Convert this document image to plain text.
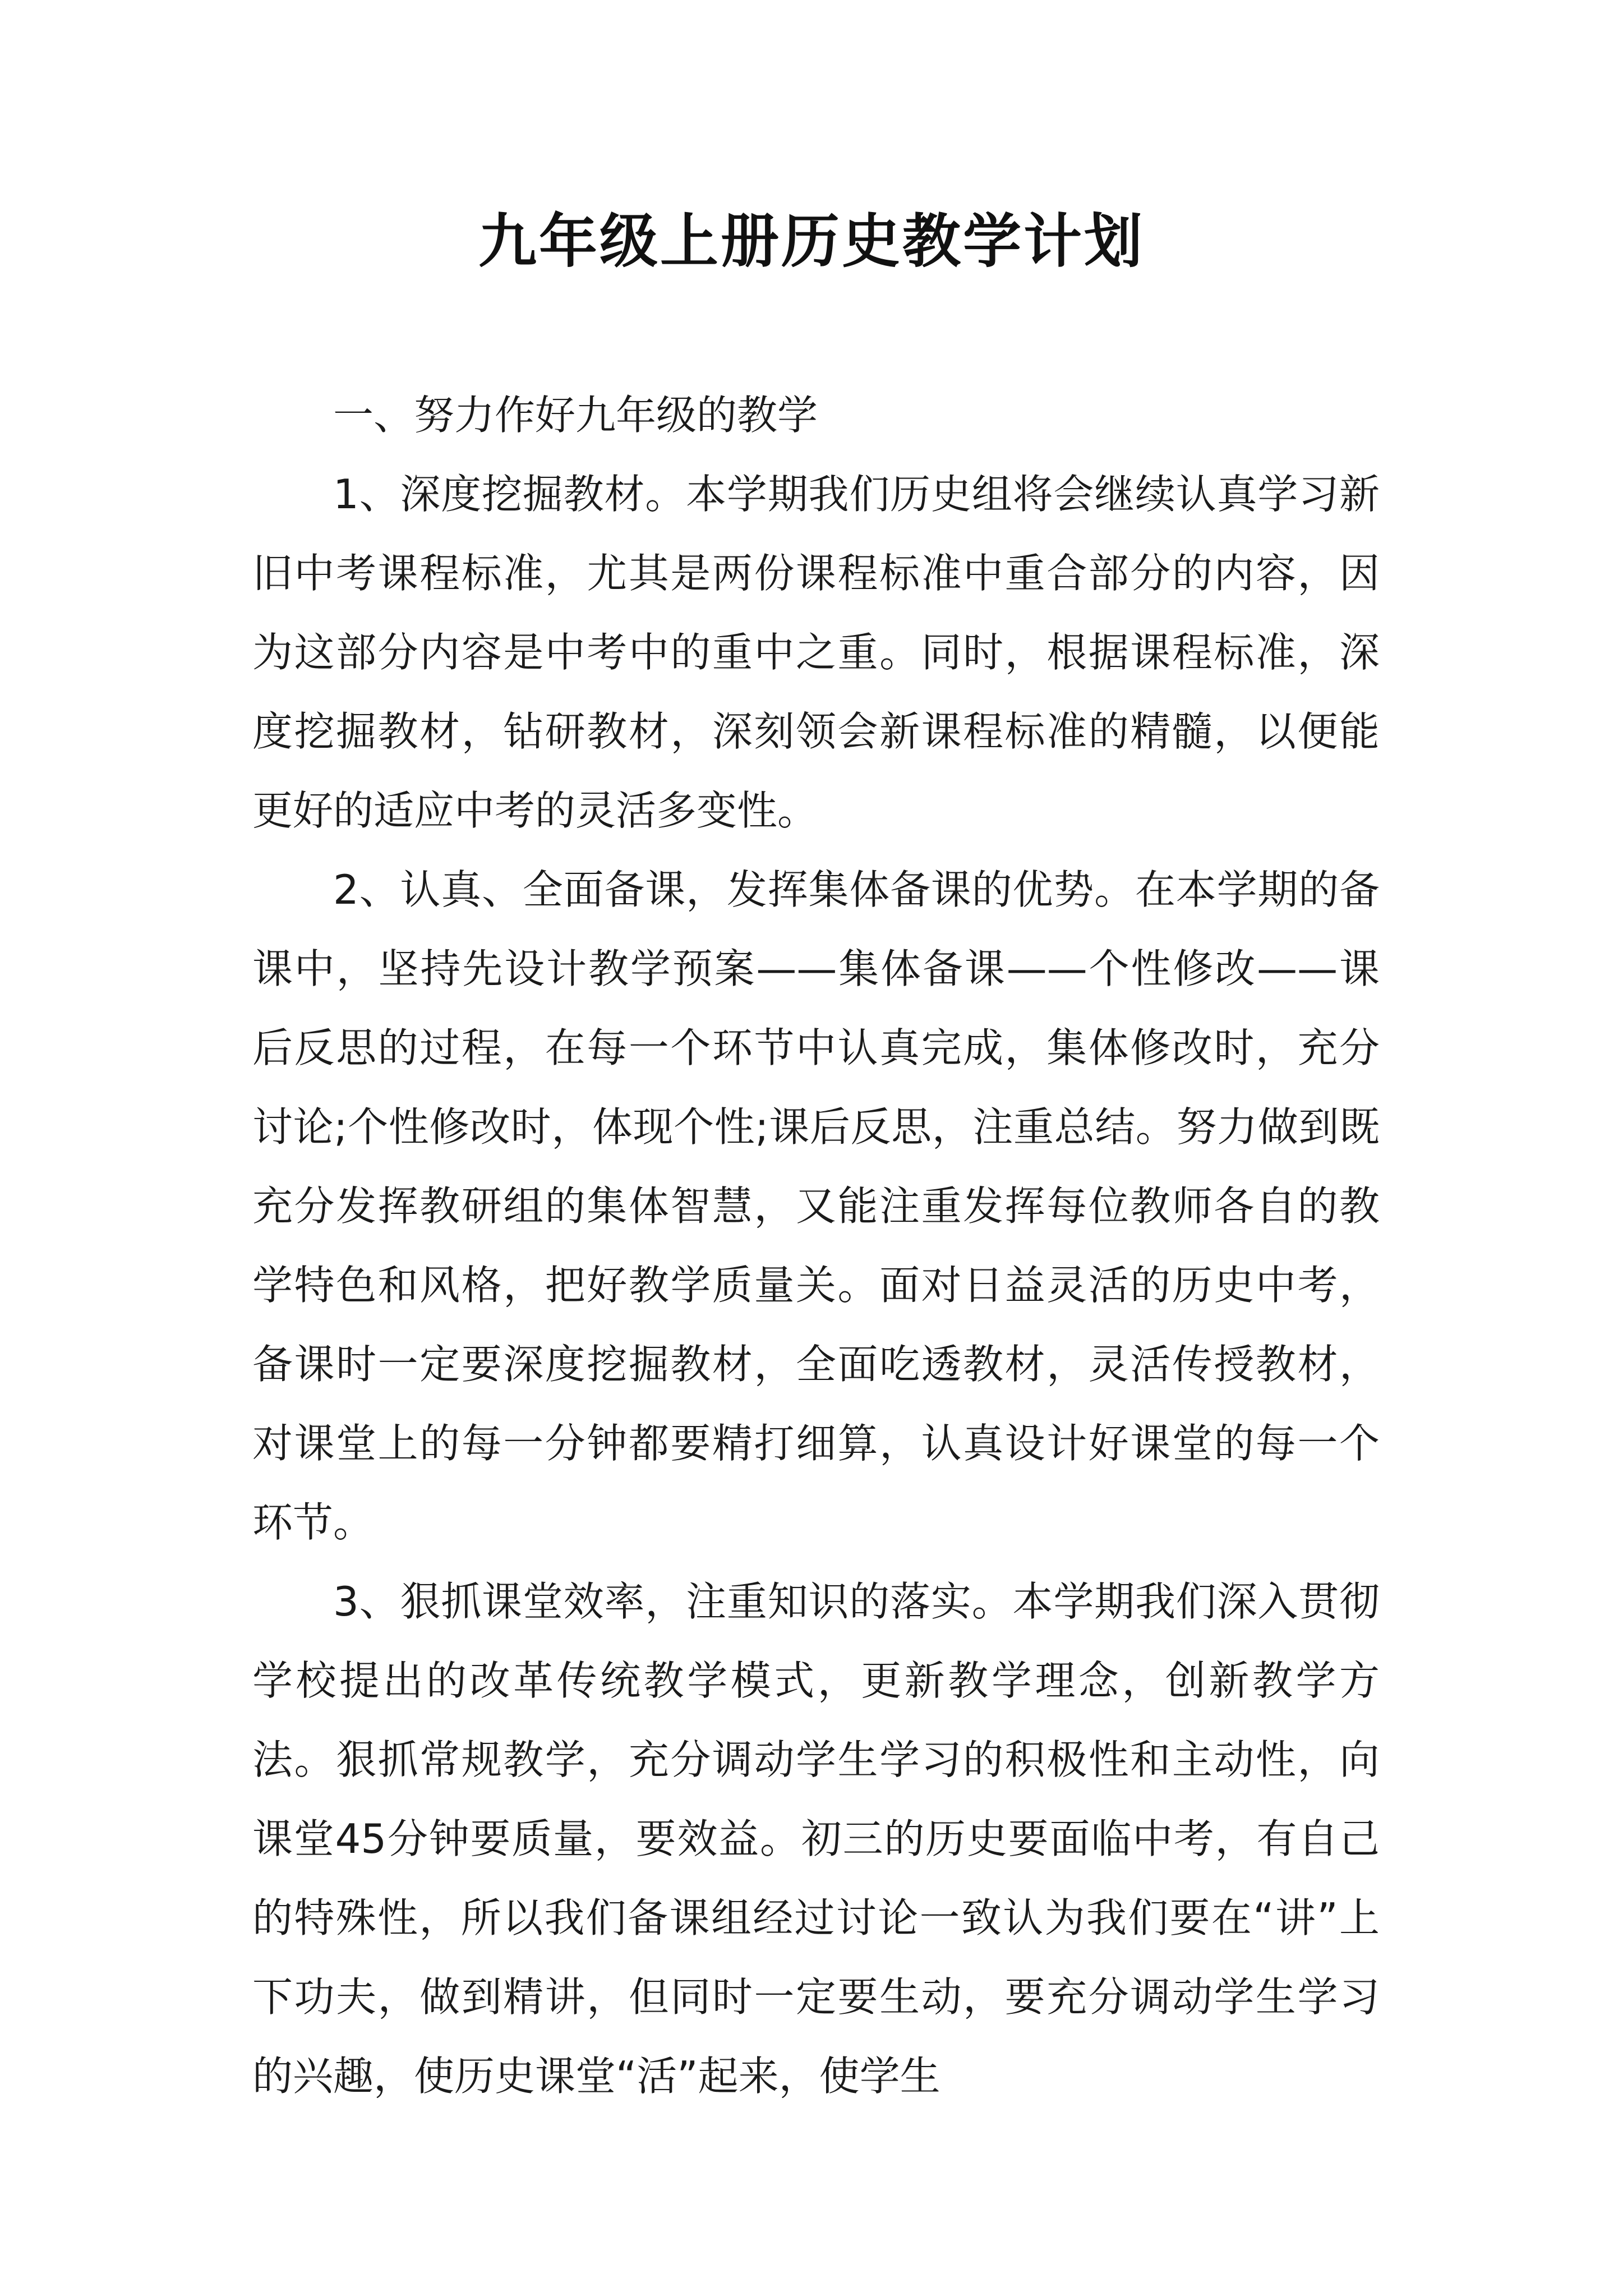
九年级上册历史教学计划

一、努力作好九年级的教学

1、深度挖掘教材。本学期我们历史组将会继续认真学习新旧中考课程标准，尤其是两份课程标准中重合部分的内容，因为这部分内容是中考中的重中之重。同时，根据课程标准，深度挖掘教材，钻研教材，深刻领会新课程标准的精髓，以便能更好的适应中考的灵活多变性。

2、认真、全面备课，发挥集体备课的优势。在本学期的备课中，坚持先设计教学预案——集体备课——个性修改——课后反思的过程，在每一个环节中认真完成，集体修改时，充分讨论;个性修改时，体现个性;课后反思，注重总结。努力做到既充分发挥教研组的集体智慧，又能注重发挥每位教师各自的教学特色和风格，把好教学质量关。面对日益灵活的历史中考，备课时一定要深度挖掘教材，全面吃透教材，灵活传授教材，对课堂上的每一分钟都要精打细算，认真设计好课堂的每一个环节。

3、狠抓课堂效率，注重知识的落实。本学期我们深入贯彻学校提出的改革传统教学模式，更新教学理念，创新教学方法。狠抓常规教学，充分调动学生学习的积极性和主动性，向课堂45分钟要质量，要效益。初三的历史要面临中考，有自己的特殊性，所以我们备课组经过讨论一致认为我们要在“讲”上下功夫，做到精讲，但同时一定要生动，要充分调动学生学习的兴趣，使历史课堂“活”起来，使学生
